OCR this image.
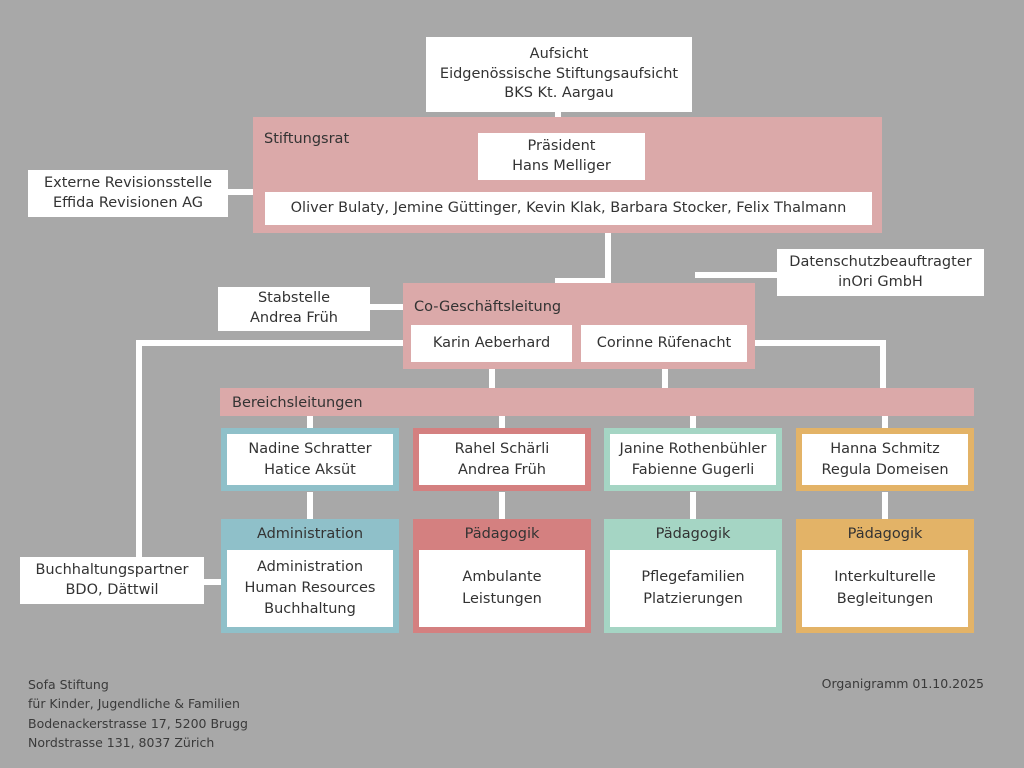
Aufsicht
Eidgenössische Stiftungsaufsicht
BKS Kt. Aargau
Stiftungsrat	Präsident
Hans Melliger
Oliver Bulaty, Jemine Güttinger, Kevin Klak, Barbara Stocker, Felix Thalmann
Externe Revisionsstelle
Effida Revisionen AG
Datenschutzbeauftragter
inOri GmbH
Co-Geschäftsleitung
Karin Aeberhard	Corinne Rüfenacht
Stabstelle
Andrea Früh
Buchhaltungspartner
BDO, Dättwil
Bereichsleitungen
Nadine Schratter
Hatice Aksüt
Administration
Administration
Human Resources
Buchhaltung
Rahel Schärli
Andrea Früh
Pädagogik
Ambulante
Leistungen
Janine Rothenbühler
Fabienne Gugerli
Pädagogik
Pflegefamilien
Platzierungen
Hanna Schmitz
Regula Domeisen
Pädagogik
Interkulturelle
Begleitungen
Sofa Stiftung
für Kinder, Jugendliche & Familien
Bodenackerstrasse 17, 5200 Brugg
Nordstrasse 131, 8037 Zürich
Organigramm 01.10.2025
